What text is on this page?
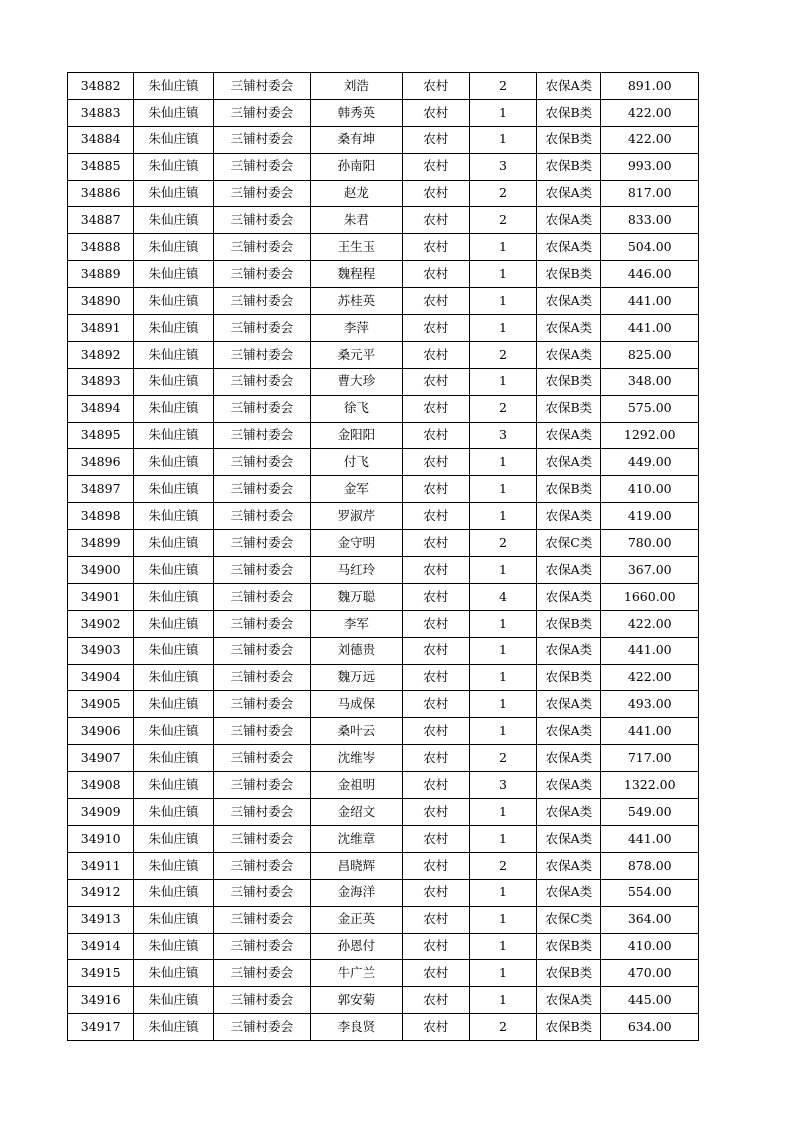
34882	朱仙庄镇	三铺村委会	刘浩	农村	2	农保A类	891.00
34883	朱仙庄镇	三铺村委会	韩秀英	农村	1	农保B类	422.00
34884	朱仙庄镇	三铺村委会	桑有坤	农村	1	农保B类	422.00
34885	朱仙庄镇	三铺村委会	孙南阳	农村	3	农保B类	993.00
34886	朱仙庄镇	三铺村委会	赵龙	农村	2	农保A类	817.00
34887	朱仙庄镇	三铺村委会	朱君	农村	2	农保A类	833.00
34888	朱仙庄镇	三铺村委会	王生玉	农村	1	农保A类	504.00
34889	朱仙庄镇	三铺村委会	魏程程	农村	1	农保B类	446.00
34890	朱仙庄镇	三铺村委会	苏桂英	农村	1	农保A类	441.00
34891	朱仙庄镇	三铺村委会	李萍	农村	1	农保A类	441.00
34892	朱仙庄镇	三铺村委会	桑元平	农村	2	农保A类	825.00
34893	朱仙庄镇	三铺村委会	曹大珍	农村	1	农保B类	348.00
34894	朱仙庄镇	三铺村委会	徐飞	农村	2	农保B类	575.00
34895	朱仙庄镇	三铺村委会	金阳阳	农村	3	农保A类	1292.00
34896	朱仙庄镇	三铺村委会	付飞	农村	1	农保A类	449.00
34897	朱仙庄镇	三铺村委会	金军	农村	1	农保B类	410.00
34898	朱仙庄镇	三铺村委会	罗淑芹	农村	1	农保A类	419.00
34899	朱仙庄镇	三铺村委会	金守明	农村	2	农保C类	780.00
34900	朱仙庄镇	三铺村委会	马红玲	农村	1	农保A类	367.00
34901	朱仙庄镇	三铺村委会	魏万聪	农村	4	农保A类	1660.00
34902	朱仙庄镇	三铺村委会	李军	农村	1	农保B类	422.00
34903	朱仙庄镇	三铺村委会	刘德贵	农村	1	农保A类	441.00
34904	朱仙庄镇	三铺村委会	魏万远	农村	1	农保B类	422.00
34905	朱仙庄镇	三铺村委会	马成保	农村	1	农保A类	493.00
34906	朱仙庄镇	三铺村委会	桑叶云	农村	1	农保A类	441.00
34907	朱仙庄镇	三铺村委会	沈维岑	农村	2	农保A类	717.00
34908	朱仙庄镇	三铺村委会	金祖明	农村	3	农保A类	1322.00
34909	朱仙庄镇	三铺村委会	金绍文	农村	1	农保A类	549.00
34910	朱仙庄镇	三铺村委会	沈维章	农村	1	农保A类	441.00
34911	朱仙庄镇	三铺村委会	昌晓辉	农村	2	农保A类	878.00
34912	朱仙庄镇	三铺村委会	金海洋	农村	1	农保A类	554.00
34913	朱仙庄镇	三铺村委会	金正英	农村	1	农保C类	364.00
34914	朱仙庄镇	三铺村委会	孙恩付	农村	1	农保B类	410.00
34915	朱仙庄镇	三铺村委会	牛广兰	农村	1	农保B类	470.00
34916	朱仙庄镇	三铺村委会	郭安菊	农村	1	农保A类	445.00
34917	朱仙庄镇	三铺村委会	李良贤	农村	2	农保B类	634.00
